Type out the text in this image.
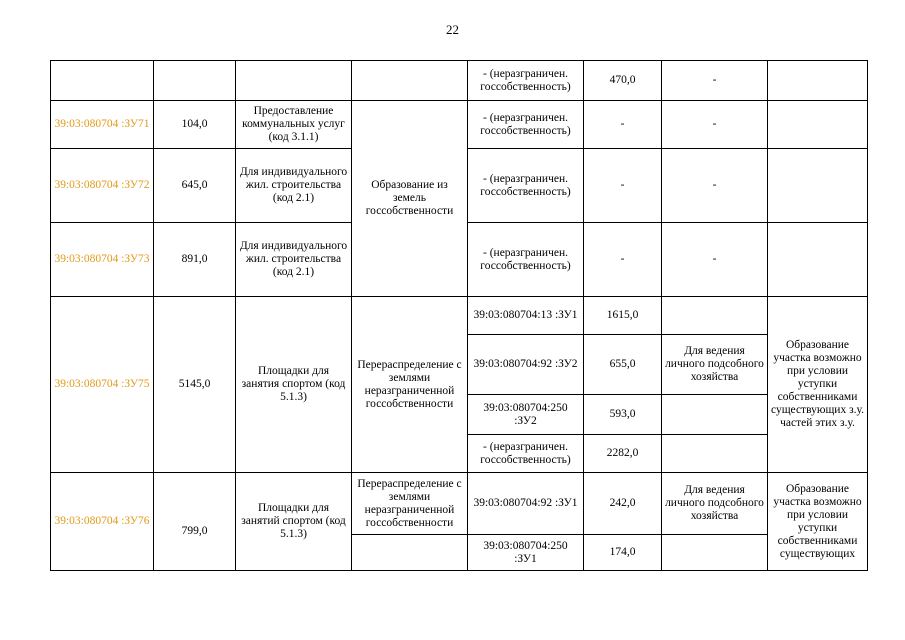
22
				- (неразграничен. госсобственность)	470,0	-	
39:03:080704 :ЗУ71	104,0	Предоставление коммунальных услуг (код 3.1.1)	Образование из земель госсобственности	- (неразграничен. госсобственность)	-	-	
39:03:080704 :ЗУ72	645,0	Для индивидуального жил. строительства (код 2.1)		- (неразграничен. госсобственность)	-	-	
39:03:080704 :ЗУ73	891,0	Для индивидуального жил. строительства (код 2.1)		- (неразграничен. госсобственность)	-	-	
39:03:080704 :ЗУ75	5145,0	Площадки для занятия спортом (код 5.1.3)	Перераспределение с землями неразграниченной госсобственности	39:03:080704:13 :ЗУ1	1615,0		Образование участка возможно при условии уступки собственниками существующих з.у. частей этих з.у.
				39:03:080704:92 :ЗУ2	655,0	Для ведения личного подсобного хозяйства	
				39:03:080704:250 :ЗУ2	593,0		
				- (неразграничен. госсобственность)	2282,0		
39:03:080704 :ЗУ76	799,0	Площадки для занятий спортом (код 5.1.3)	Перераспределение с землями неразграниченной госсобственности	39:03:080704:92 :ЗУ1	242,0	Для ведения личного подсобного хозяйства	Образование участка возможно при условии уступки собственниками существующих
				39:03:080704:250 :ЗУ1	174,0		
